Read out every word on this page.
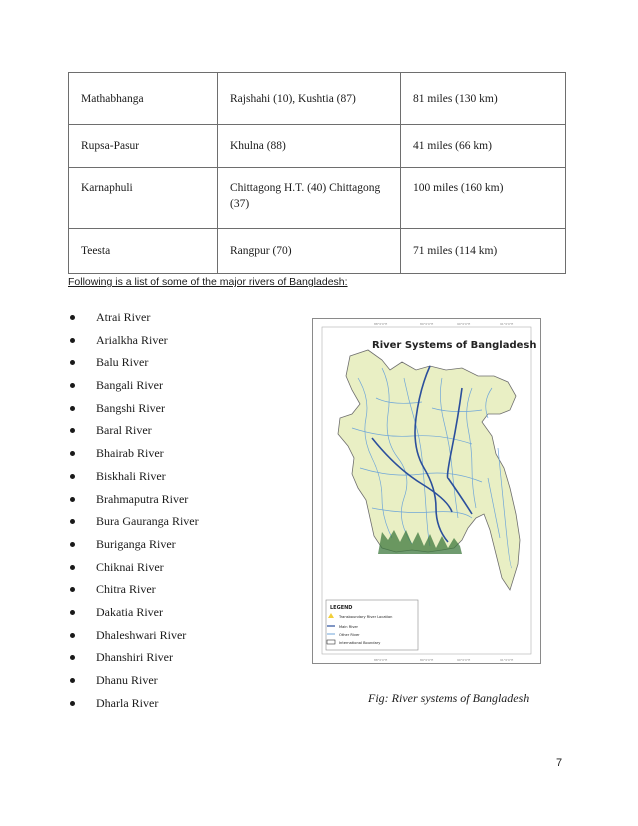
Mathabhanga	Rajshahi (10), Kushtia (87)	81 miles (130 km)
Rupsa-Pasur	Khulna (88)	41 miles (66 km)
Karnaphuli	Chittagong H.T. (40) Chittagong (37)	100 miles (160 km)
Teesta	Rangpur (70)	71 miles (114 km)

Following is a list of some of the major rivers of Bangladesh:

Atrai River
Arialkha River
Balu River
Bangali River
Bangshi River
Baral River
Bhairab River
Biskhali River
Brahmaputra River
Bura Gauranga River
Buriganga River
Chiknai River
Chitra River
Dakatia River
Dhaleshwari River
Dhanshiri River
Dhanu River
Dharla River
88°0'0"E	89°0'0"E	90°0'0"E	91°0'0"E
88°0'0"E	89°0'0"E	90°0'0"E	91°0'0"E
River Systems of Bangladesh
LEGEND
Transboundary River Location
Main River
Other River
International Boundary

Fig: River systems of Bangladesh

7
